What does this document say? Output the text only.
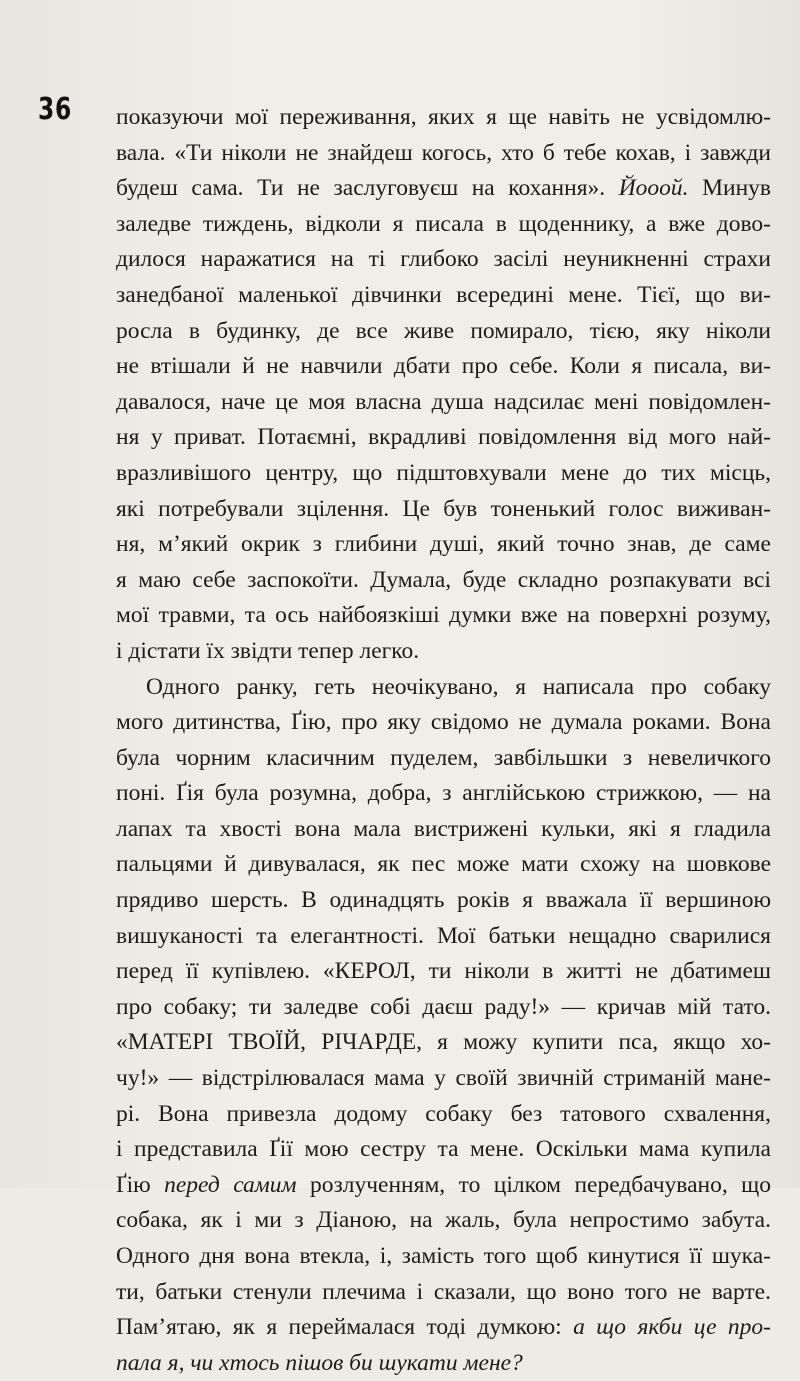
36 показуючи мої переживання, яких я ще навіть не усвідомлю-
вала. «Ти ніколи не знайдеш когось, хто б тебе кохав, і завжди
будеш сама. Ти не заслуговуєш на кохання». Йооой. Минув
заледве тиждень, відколи я писала в щоденнику, а вже дово-
дилося наражатися на ті глибоко засілі неуникненні страхи
занедбаної маленької дівчинки всередині мене. Тієї, що ви-
росла в будинку, де все живе помирало, тією, яку ніколи
не втішали й не навчили дбати про себе. Коли я писала, ви-
давалося, наче це моя власна душа надсилає мені повідомлен-
ня у приват. Потаємні, вкрадливі повідомлення від мого най-
вразливішого центру, що підштовхували мене до тих місць,
які потребували зцілення. Це був тоненький голос виживан-
ня, м’який окрик з глибини душі, який точно знав, де саме
я маю себе заспокоїти. Думала, буде складно розпакувати всі
мої травми, та ось найбоязкіші думки вже на поверхні розуму,
і дістати їх звідти тепер легко.
Одного ранку, геть неочікувано, я написала про собаку
мого дитинства, Ґію, про яку свідомо не думала роками. Вона
була чорним класичним пуделем, завбільшки з невеличкого
поні. Ґія була розумна, добра, з англійською стрижкою, — на
лапах та хвості вона мала вистрижені кульки, які я гладила
пальцями й дивувалася, як пес може мати схожу на шовкове
прядиво шерсть. В одинадцять років я вважала її вершиною
вишуканості та елегантності. Мої батьки нещадно сварилися
перед її купівлею. «КЕРОЛ, ти ніколи в житті не дбатимеш
про собаку; ти заледве собі даєш раду!» — кричав мій тато.
«МАТЕРІ ТВОЇЙ, РІЧАРДЕ, я можу купити пса, якщо хо-
чу!» — відстрілювалася мама у своїй звичній стриманій мане-
рі. Вона привезла додому собаку без татового схвалення,
і представила Ґії мою сестру та мене. Оскільки мама купила
Ґію перед самим розлученням, то цілком передбачувано, що
собака, як і ми з Діаною, на жаль, була непростимо забута.
Одного дня вона втекла, і, замість того щоб кинутися її шука-
ти, батьки стенули плечима і сказали, що воно того не варте.
Пам’ятаю, як я переймалася тоді думкою: а що якби це про-
пала я, чи хтось пішов би шукати мене?
